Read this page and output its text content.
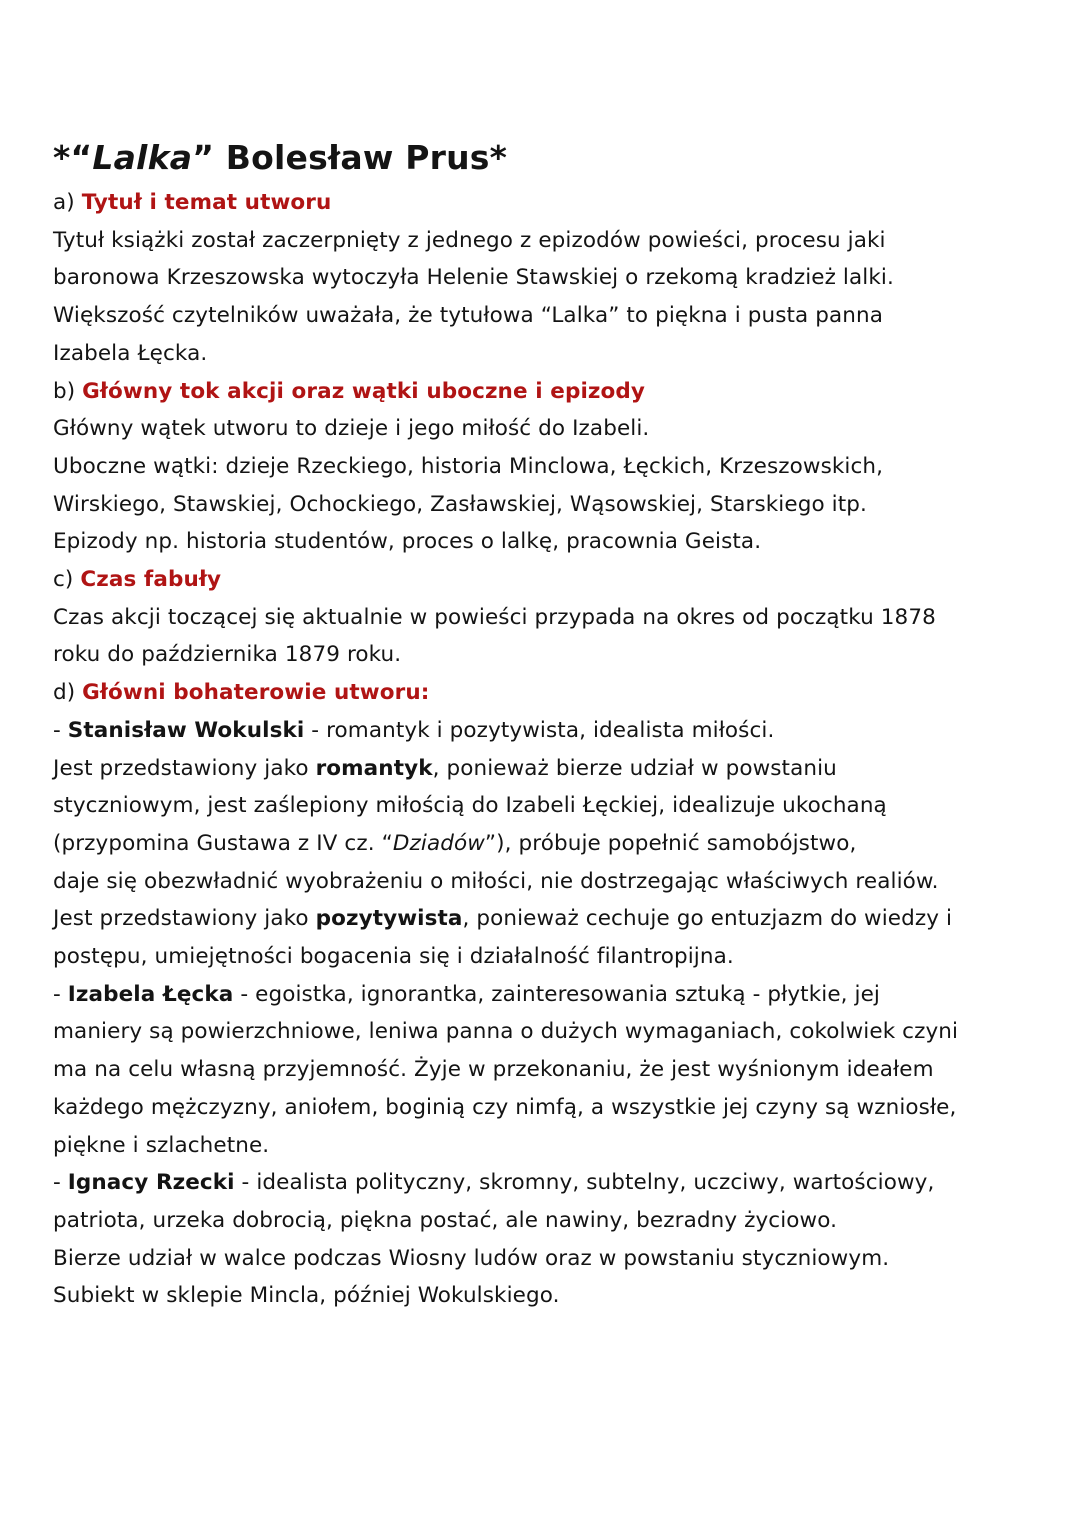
*“Lalka” Bolesław Prus*
a) Tytuł i temat utworu
Tytuł książki został zaczerpnięty z jednego z epizodów powieści, procesu jaki
baronowa Krzeszowska wytoczyła Helenie Stawskiej o rzekomą kradzież lalki.
Większość czytelników uważała, że tytułowa “Lalka” to piękna i pusta panna
Izabela Łęcka.
b) Główny tok akcji oraz wątki uboczne i epizody
Główny wątek utworu to dzieje i jego miłość do Izabeli.
Uboczne wątki: dzieje Rzeckiego, historia Minclowa, Łęckich, Krzeszowskich,
Wirskiego, Stawskiej, Ochockiego, Zasławskiej, Wąsowskiej, Starskiego itp.
Epizody np. historia studentów, proces o lalkę, pracownia Geista.
c) Czas fabuły
Czas akcji toczącej się aktualnie w powieści przypada na okres od początku 1878
roku do października 1879 roku.
d) Główni bohaterowie utworu:
- Stanisław Wokulski - romantyk i pozytywista, idealista miłości.
Jest przedstawiony jako romantyk, ponieważ bierze udział w powstaniu
styczniowym, jest zaślepiony miłością do Izabeli Łęckiej, idealizuje ukochaną
(przypomina Gustawa z IV cz. “Dziadów”), próbuje popełnić samobójstwo,
daje się obezwładnić wyobrażeniu o miłości, nie dostrzegając właściwych realiów.
Jest przedstawiony jako pozytywista, ponieważ cechuje go entuzjazm do wiedzy i
postępu, umiejętności bogacenia się i działalność filantropijna.
- Izabela Łęcka - egoistka, ignorantka, zainteresowania sztuką - płytkie, jej
maniery są powierzchniowe, leniwa panna o dużych wymaganiach, cokolwiek czyni
ma na celu własną przyjemność. Żyje w przekonaniu, że jest wyśnionym ideałem
każdego mężczyzny, aniołem, boginią czy nimfą, a wszystkie jej czyny są wzniosłe,
piękne i szlachetne.
- Ignacy Rzecki - idealista polityczny, skromny, subtelny, uczciwy, wartościowy,
patriota, urzeka dobrocią, piękna postać, ale nawiny, bezradny życiowo.
Bierze udział w walce podczas Wiosny ludów oraz w powstaniu styczniowym.
Subiekt w sklepie Mincla, później Wokulskiego.
